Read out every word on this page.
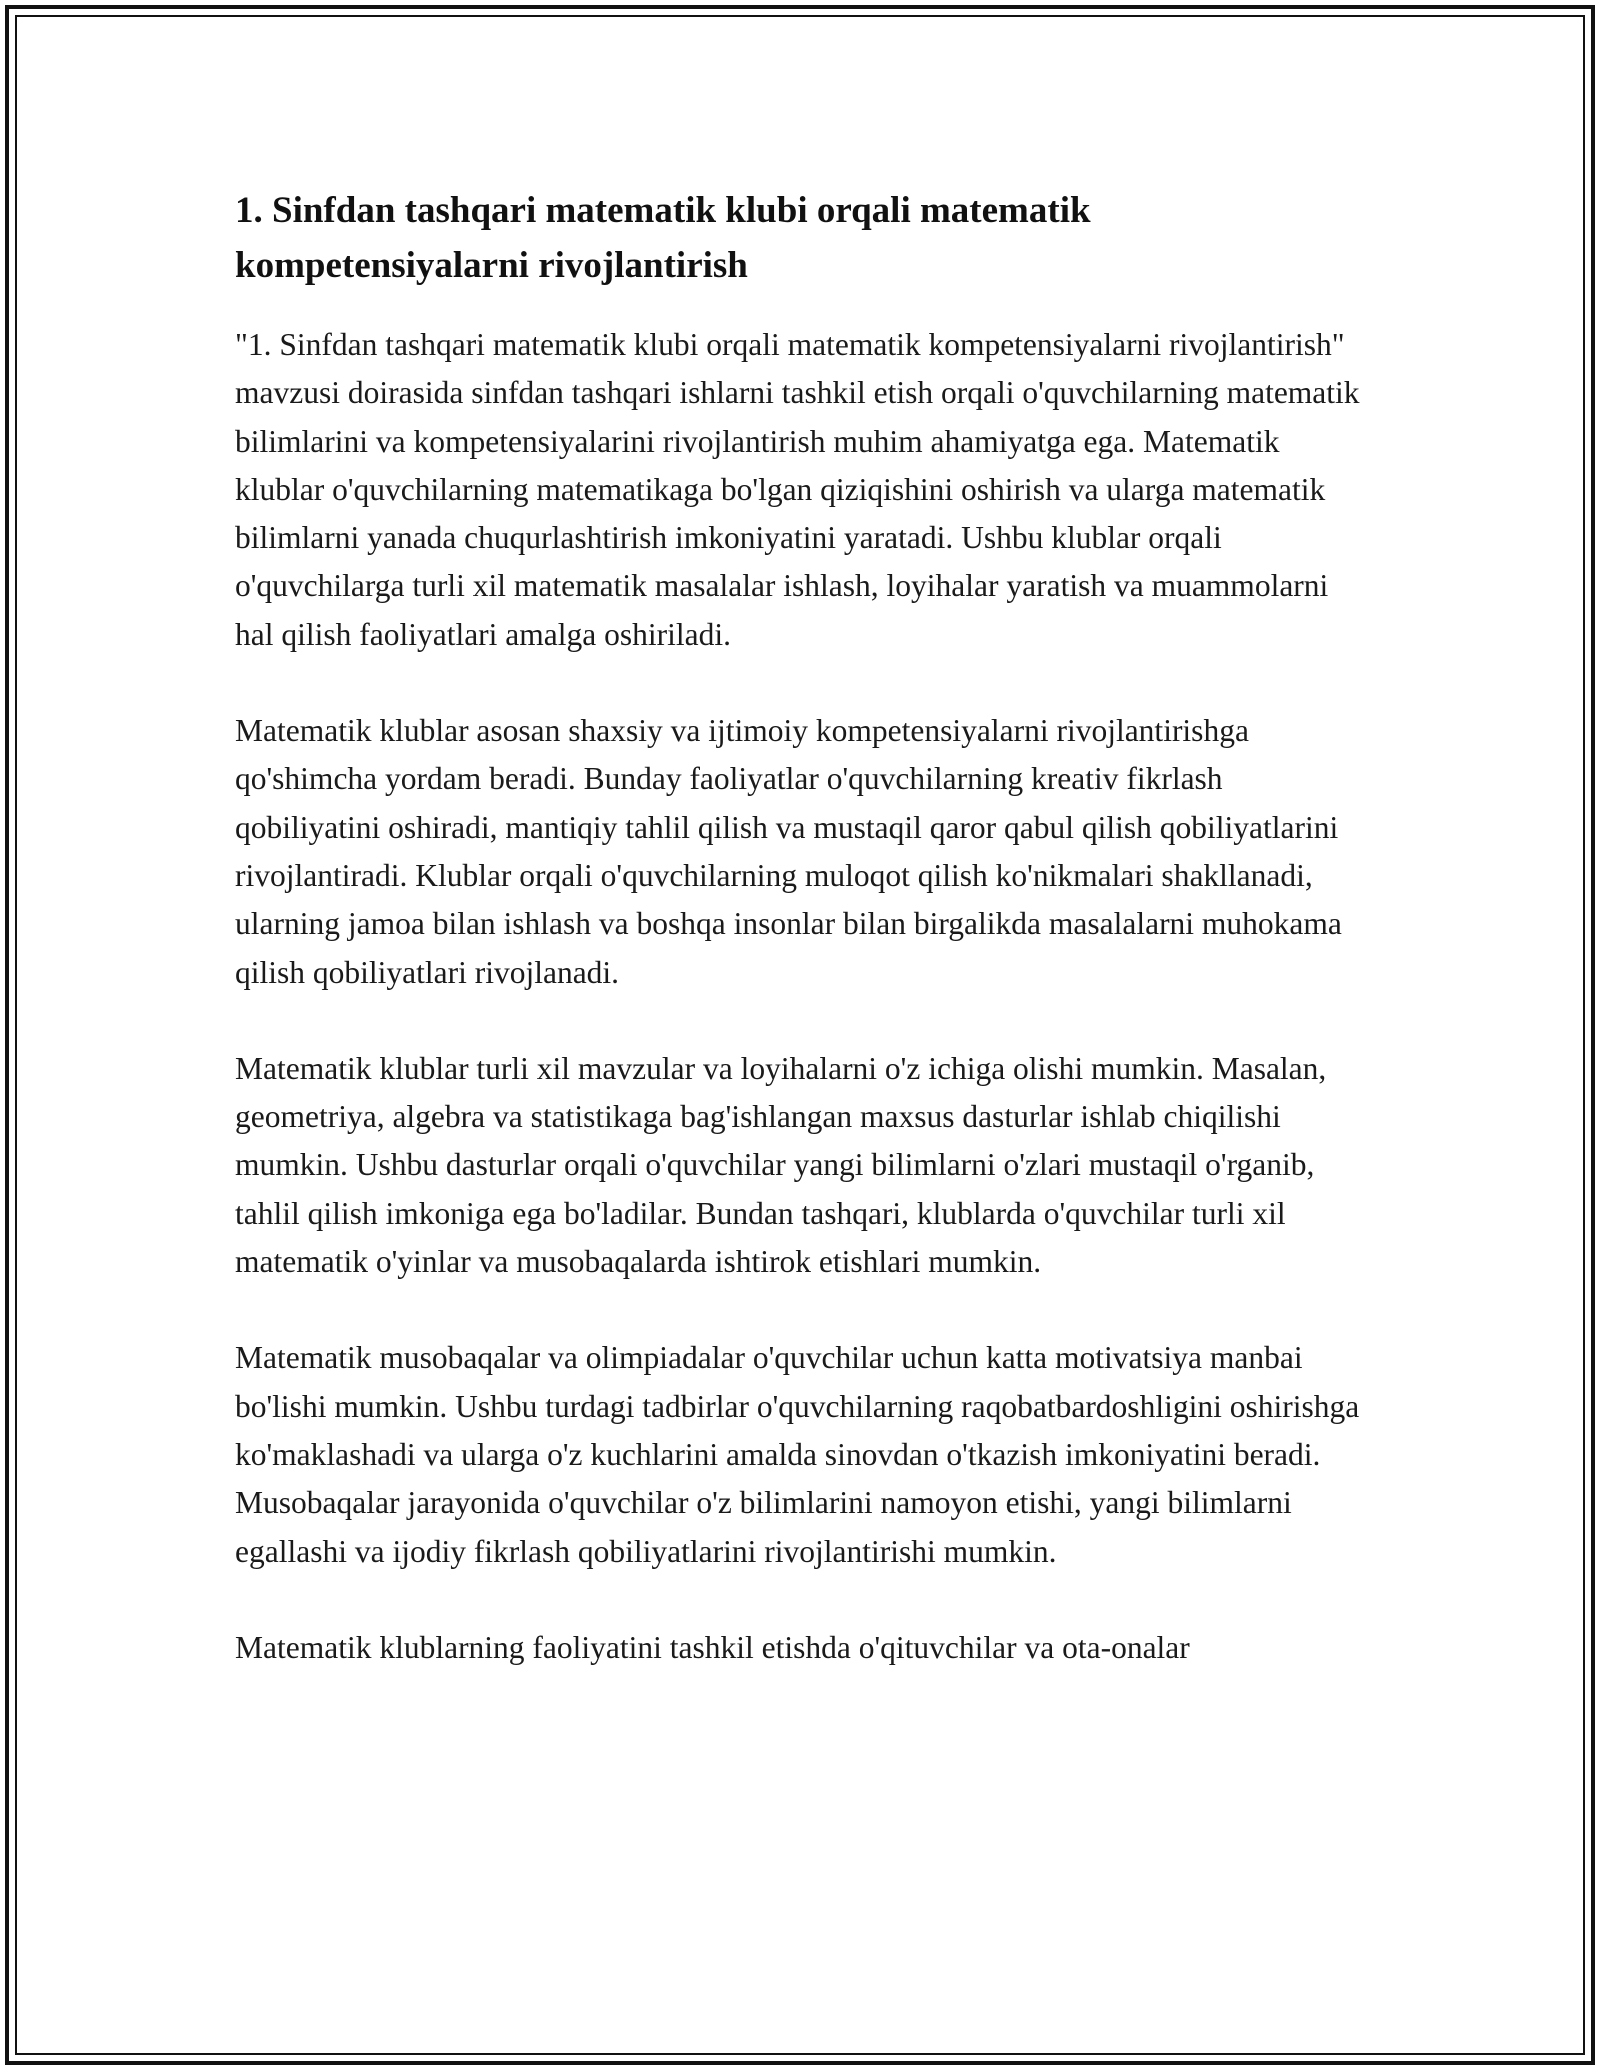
1. Sinfdan tashqari matematik klubi orqali matematik kompetensiyalarni rivojlantirish

"1. Sinfdan tashqari matematik klubi orqali matematik kompetensiyalarni rivojlantirish" mavzusi doirasida sinfdan tashqari ishlarni tashkil etish orqali o'quvchilarning matematik bilimlarini va kompetensiyalarini rivojlantirish muhim ahamiyatga ega. Matematik klublar o'quvchilarning matematikaga bo'lgan qiziqishini oshirish va ularga matematik bilimlarni yanada chuqurlashtirish imkoniyatini yaratadi. Ushbu klublar orqali o'quvchilarga turli xil matematik masalalar ishlash, loyihalar yaratish va muammolarni hal qilish faoliyatlari amalga oshiriladi.

Matematik klublar asosan shaxsiy va ijtimoiy kompetensiyalarni rivojlantirishga qo'shimcha yordam beradi. Bunday faoliyatlar o'quvchilarning kreativ fikrlash qobiliyatini oshiradi, mantiqiy tahlil qilish va mustaqil qaror qabul qilish qobiliyatlarini rivojlantiradi. Klublar orqali o'quvchilarning muloqot qilish ko'nikmalari shakllanadi, ularning jamoa bilan ishlash va boshqa insonlar bilan birgalikda masalalarni muhokama qilish qobiliyatlari rivojlanadi.

Matematik klublar turli xil mavzular va loyihalarni o'z ichiga olishi mumkin. Masalan, geometriya, algebra va statistikaga bag'ishlangan maxsus dasturlar ishlab chiqilishi mumkin. Ushbu dasturlar orqali o'quvchilar yangi bilimlarni o'zlari mustaqil o'rganib, tahlil qilish imkoniga ega bo'ladilar. Bundan tashqari, klublarda o'quvchilar turli xil matematik o'yinlar va musobaqalarda ishtirok etishlari mumkin.

Matematik musobaqalar va olimpiadalar o'quvchilar uchun katta motivatsiya manbai bo'lishi mumkin. Ushbu turdagi tadbirlar o'quvchilarning raqobatbardoshligini oshirishga ko'maklashadi va ularga o'z kuchlarini amalda sinovdan o'tkazish imkoniyatini beradi. Musobaqalar jarayonida o'quvchilar o'z bilimlarini namoyon etishi, yangi bilimlarni egallashi va ijodiy fikrlash qobiliyatlarini rivojlantirishi mumkin.

Matematik klublarning faoliyatini tashkil etishda o'qituvchilar va ota-onalar
